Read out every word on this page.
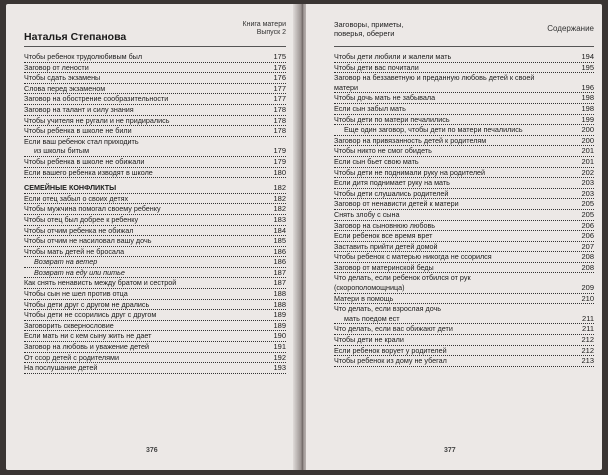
Наталья Степанова
Книга матери
Выпуск 2
Чтобы ребенок трудолюбивым был	175
Заговор от лености	176
Чтобы сдать экзамены	176
Слова перед экзаменом	177
Заговор на обострение сообразительности	177
Заговор на талант и силу знания	178
Чтобы учителя не ругали и не придирались	178
Чтобы ребенка в школе не били	178
Если ваш ребенок стал приходить
из школы битым	179
Чтобы ребенка в школе не обижали	179
Если вашего ребенка изводят в школе	180
СЕМЕЙНЫЕ КОНФЛИКТЫ	182
Если отец забыл о своих детях	182
Чтобы мужчина помогал своему ребенку	182
Чтобы отец был добрее к ребенку	183
Чтобы отчим ребенка не обижал	184
Чтобы отчим не насиловал вашу дочь	185
Чтобы мать детей не бросала	186
Возврат на ветер	186
Возврат на еду или питье	187
Как снять ненависть между братом и сестрой	187
Чтобы сын не шел против отца	188
Чтобы дети друг с другом не дрались	188
Чтобы дети не ссорились друг с другом	189
Заговорить сквернословие	189
Если мать ни с кем сыну жить не дает	190
Заговор на любовь и уважение детей	191
От ссор детей с родителями	192
На послушание детей	193
376
Заговоры, приметы,
поверья, обереги	Содержание
Чтобы дети любили и жалели мать	194
Чтобы дети вас почитали	195
Заговор на беззаветную и преданную любовь детей к своей
матери	196
Чтобы дочь мать не забывала	198
Если сын забыл мать	198
Чтобы дети по матери печалились	199
Еще один заговор, чтобы дети по матери печалились	200
Заговор на привязанность детей к родителям	200
Чтобы никто не смог обидеть	201
Если сын бьет свою мать	201
Чтобы дети не поднимали руку на родителей	202
Если дитя поднимает руку на мать	203
Чтобы дети слушались родителей	203
Заговор от ненависти детей к матери	205
Снять злобу с сына	205
Заговор на сыновнюю любовь	206
Если ребенок все время врет	206
Заставить прийти детей домой	207
Чтобы ребенок с матерью никогда не ссорился	208
Заговор от материнской беды	208
Что делать, если ребенок отбился от рук
(скорополомощница)	209
Матери в помощь	210
Что делать, если взрослая дочь
мать поедом ест	211
Что делать, если вас обижают дети	211
Чтобы дети не крали	212
Если ребенок ворует у родителей	212
Чтобы ребенок из дому не убегал	213
377
